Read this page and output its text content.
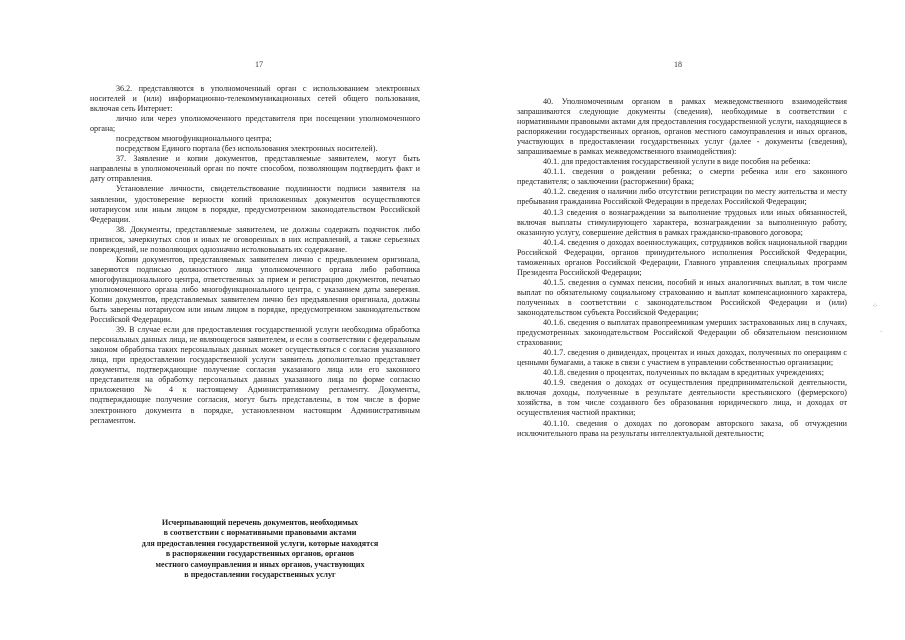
17

36.2. представляются в уполномоченный орган с использованием электронных носителей и (или) информационно-телекоммуникационных сетей общего пользования, включая сеть Интернет:

лично или через уполномоченного представителя при посещении уполномоченного органа;

посредством многофункционального центра;

посредством Единого портала (без использования электронных носителей).

37. Заявление и копии документов, представляемые заявителем, могут быть направлены в уполномоченный орган по почте способом, позволяющим подтвердить факт и дату отправления.

Установление личности, свидетельствование подлинности подписи заявителя на заявлении, удостоверение верности копий приложенных документов осуществляются нотариусом или иным лицом в порядке, предусмотренном законодательством Российской Федерации.

38. Документы, представляемые заявителем, не должны содержать подчисток либо приписок, зачеркнутых слов и иных не оговоренных в них исправлений, а также серьезных повреждений, не позволяющих однозначно истолковывать их содержание.

Копии документов, представляемых заявителем лично с предъявлением оригинала, заверяются подписью должностного лица уполномоченного органа либо работника многофункционального центра, ответственных за прием и регистрацию документов, печатью уполномоченного органа либо многофункционального центра, с указанием даты заверения. Копии документов, представляемых заявителем лично без предъявления оригинала, должны быть заверены нотариусом или иным лицом в порядке, предусмотренном законодательством Российской Федерации.

39. В случае если для предоставления государственной услуги необходима обработка персональных данных лица, не являющегося заявителем, и если в соответствии с федеральным законом обработка таких персональных данных может осуществляться с согласия указанного лица, при предоставлении государственной услуги заявитель дополнительно представляет документы, подтверждающие получение согласия указанного лица или его законного представителя на обработку персональных данных указанного лица по форме согласно приложению № 4 к настоящему Административному регламенту. Документы, подтверждающие получение согласия, могут быть представлены, в том числе в форме электронного документа в порядке, установленном настоящим Административным регламентом.

Исчерпывающий перечень документов, необходимых
в соответствии с нормативными правовыми актами
для предоставления государственной услуги, которые находятся
в распоряжении государственных органов, органов
местного самоуправления и иных органов, участвующих
в предоставлении государственных услуг
18

40. Уполномоченным органом в рамках межведомственного взаимодействия запрашиваются следующие документы (сведения), необходимые в соответствии с нормативными правовыми актами для предоставления государственной услуги, находящиеся в распоряжении государственных органов, органов местного самоуправления и иных органов, участвующих в предоставлении государственных услуг (далее - документы (сведения), запрашиваемые в рамках межведомственного взаимодействия):

40.1. для предоставления государственной услуги в виде пособия на ребенка:

40.1.1. сведения о рождении ребенка; о смерти ребенка или его законного представителя; о заключении (расторжении) брака;

40.1.2. сведения о наличии либо отсутствии регистрации по месту жительства и месту пребывания гражданина Российской Федерации в пределах Российской Федерации;

40.1.3 сведения о вознаграждении за выполнение трудовых или иных обязанностей, включая выплаты стимулирующего характера, вознаграждении за выполненную работу, оказанную услугу, совершение действия в рамках гражданско-правового договора;

40.1.4. сведения о доходах военнослужащих, сотрудников войск национальной гвардии Российской Федерации, органов принудительного исполнения Российской Федерации, таможенных органов Российской Федерации, Главного управления специальных программ Президента Российской Федерации;

40.1.5. сведения о суммах пенсии, пособий и иных аналогичных выплат, в том числе выплат по обязательному социальному страхованию и выплат компенсационного характера, полученных в соответствии с законодательством Российской Федерации и (или) законодательством субъекта Российской Федерации;

40.1.6. сведения о выплатах правопреемникам умерших застрахованных лиц в случаях, предусмотренных законодательством Российской Федерации об обязательном пенсионном страховании;

40.1.7. сведения о дивидендах, процентах и иных доходах, полученных по операциям с ценными бумагами, а также в связи с участием в управлении собственностью организации;

40.1.8. сведения о процентах, полученных по вкладам в кредитных учреждениях;

40.1.9. сведения о доходах от осуществления предпринимательской деятельности, включая доходы, полученные в результате деятельности крестьянского (фермерского) хозяйства, в том числе созданного без образования юридического лица, и доходах от осуществления частной практики;

40.1.10. сведения о доходах по договорам авторского заказа, об отчуждении исключительного права на результаты интеллектуальной деятельности;

⁘
·
